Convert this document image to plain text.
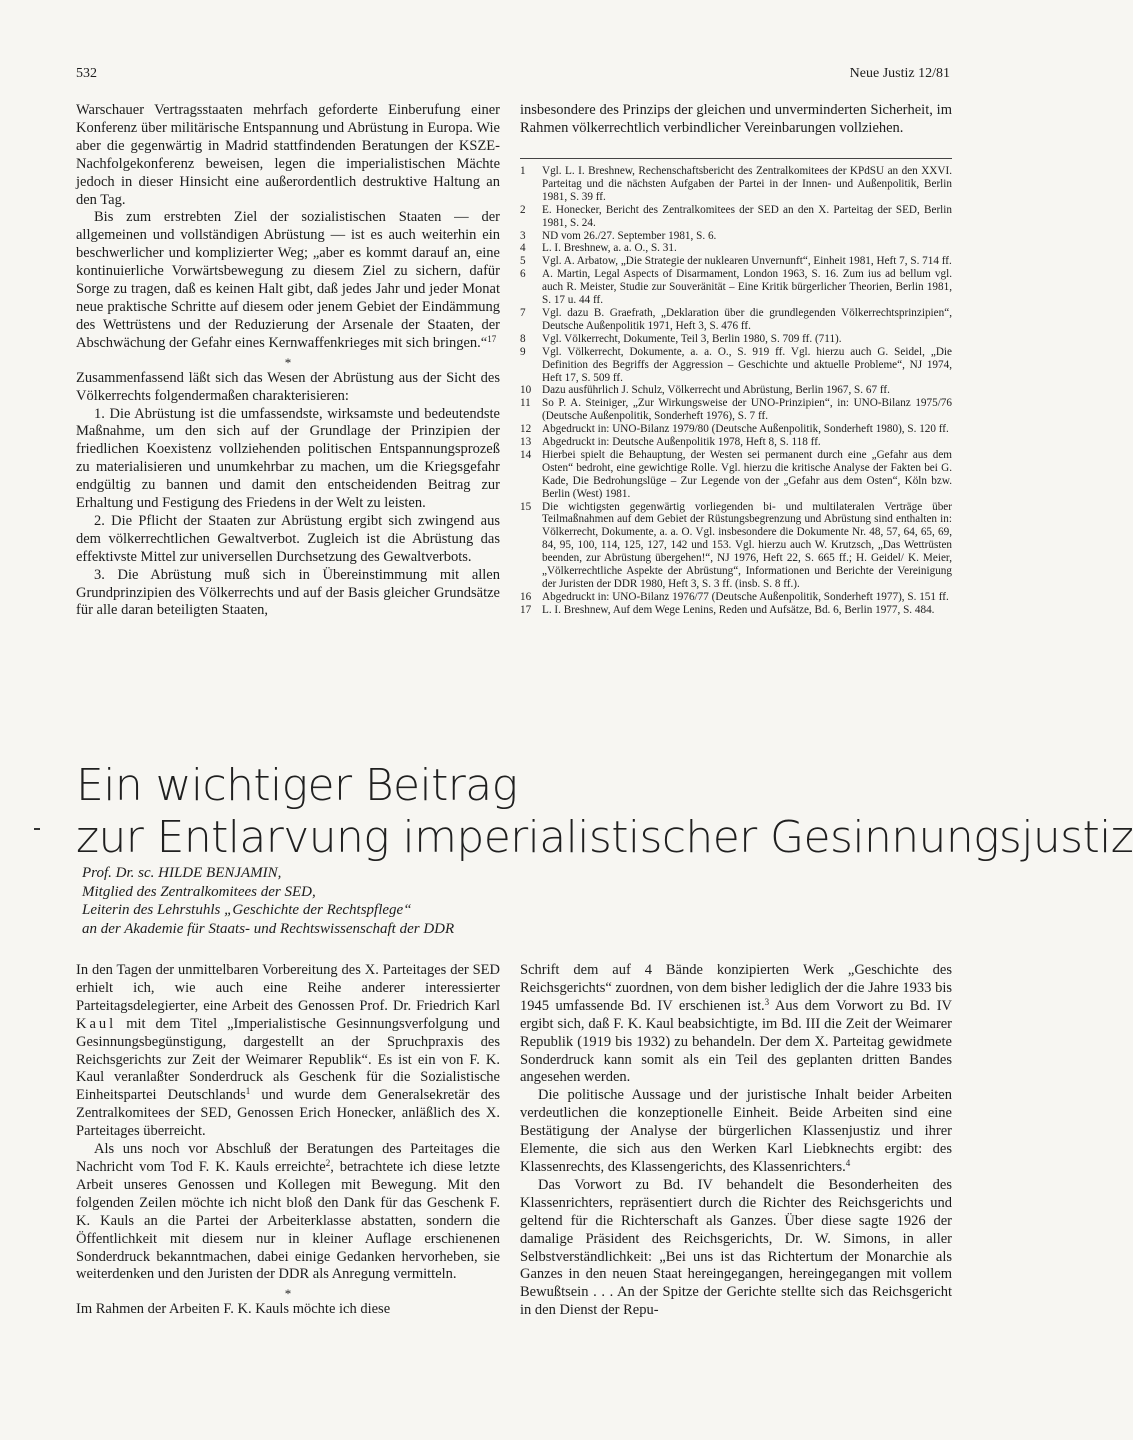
532	Neue Justiz 12/81

Warschauer Vertragsstaaten mehrfach geforderte Einberufung einer Konferenz über militärische Entspannung und Abrüstung in Europa. Wie aber die gegenwärtig in Madrid stattfindenden Beratungen der KSZE-Nachfolgekonferenz beweisen, legen die imperialistischen Mächte jedoch in dieser Hinsicht eine außerordentlich destruktive Haltung an den Tag.

Bis zum erstrebten Ziel der sozialistischen Staaten — der allgemeinen und vollständigen Abrüstung — ist es auch weiterhin ein beschwerlicher und komplizierter Weg; „aber es kommt darauf an, eine kontinuierliche Vorwärtsbewegung zu diesem Ziel zu sichern, dafür Sorge zu tragen, daß es keinen Halt gibt, daß jedes Jahr und jeder Monat neue praktische Schritte auf diesem oder jenem Gebiet der Eindämmung des Wettrüstens und der Reduzierung der Arsenale der Staaten, der Abschwächung der Gefahr eines Kernwaffenkrieges mit sich bringen.“$^{17}$

*

Zusammenfassend läßt sich das Wesen der Abrüstung aus der Sicht des Völkerrechts folgendermaßen charakterisieren:

1. Die Abrüstung ist die umfassendste, wirksamste und bedeutendste Maßnahme, um den sich auf der Grundlage der Prinzipien der friedlichen Koexistenz vollziehenden politischen Entspannungsprozeß zu materialisieren und unumkehrbar zu machen, um die Kriegsgefahr endgültig zu bannen und damit den entscheidenden Beitrag zur Erhaltung und Festigung des Friedens in der Welt zu leisten.

2. Die Pflicht der Staaten zur Abrüstung ergibt sich zwingend aus dem völkerrechtlichen Gewaltverbot. Zugleich ist die Abrüstung das effektivste Mittel zur universellen Durchsetzung des Gewaltverbots.

3. Die Abrüstung muß sich in Übereinstimmung mit allen Grundprinzipien des Völkerrechts und auf der Basis gleicher Grundsätze für alle daran beteiligten Staaten,

insbesondere des Prinzips der gleichen und unverminderten Sicherheit, im Rahmen völkerrechtlich verbindlicher Vereinbarungen vollziehen.

1 Vgl. L. I. Breshnew, Rechenschaftsbericht des Zentralkomitees der KPdSU an den XXVI. Parteitag und die nächsten Aufgaben der Partei in der Innen- und Außenpolitik, Berlin 1981, S. 39 ff.
2 E. Honecker, Bericht des Zentralkomitees der SED an den X. Parteitag der SED, Berlin 1981, S. 24.
3 ND vom 26./27. September 1981, S. 6.
4 L. I. Breshnew, a. a. O., S. 31.
5 Vgl. A. Arbatow, „Die Strategie der nuklearen Unvernunft“, Einheit 1981, Heft 7, S. 714 ff.
6 A. Martin, Legal Aspects of Disarmament, London 1963, S. 16. Zum ius ad bellum vgl. auch R. Meister, Studie zur Souveränität – Eine Kritik bürgerlicher Theorien, Berlin 1981, S. 17 u. 44 ff.
7 Vgl. dazu B. Graefrath, „Deklaration über die grundlegenden Völkerrechtsprinzipien“, Deutsche Außenpolitik 1971, Heft 3, S. 476 ff.
8 Vgl. Völkerrecht, Dokumente, Teil 3, Berlin 1980, S. 709 ff. (711).
9 Vgl. Völkerrecht, Dokumente, a. a. O., S. 919 ff. Vgl. hierzu auch G. Seidel, „Die Definition des Begriffs der Aggression – Geschichte und aktuelle Probleme“, NJ 1974, Heft 17, S. 509 ff.
10 Dazu ausführlich J. Schulz, Völkerrecht und Abrüstung, Berlin 1967, S. 67 ff.
11 So P. A. Steiniger, „Zur Wirkungsweise der UNO-Prinzipien“, in: UNO-Bilanz 1975/76 (Deutsche Außenpolitik, Sonderheft 1976), S. 7 ff.
12 Abgedruckt in: UNO-Bilanz 1979/80 (Deutsche Außenpolitik, Sonderheft 1980), S. 120 ff.
13 Abgedruckt in: Deutsche Außenpolitik 1978, Heft 8, S. 118 ff.
14 Hierbei spielt die Behauptung, der Westen sei permanent durch eine „Gefahr aus dem Osten“ bedroht, eine gewichtige Rolle. Vgl. hierzu die kritische Analyse der Fakten bei G. Kade, Die Bedrohungslüge – Zur Legende von der „Gefahr aus dem Osten“, Köln bzw. Berlin (West) 1981.
15 Die wichtigsten gegenwärtig vorliegenden bi- und multilateralen Verträge über Teilmaßnahmen auf dem Gebiet der Rüstungsbegrenzung und Abrüstung sind enthalten in: Völkerrecht, Dokumente, a. a. O. Vgl. insbesondere die Dokumente Nr. 48, 57, 64, 65, 69, 84, 95, 100, 114, 125, 127, 142 und 153. Vgl. hierzu auch W. Krutzsch, „Das Wettrüsten beenden, zur Abrüstung übergehen!“, NJ 1976, Heft 22, S. 665 ff.; H. Geidel/ K. Meier, „Völkerrechtliche Aspekte der Abrüstung“, Informationen und Berichte der Vereinigung der Juristen der DDR 1980, Heft 3, S. 3 ff. (insb. S. 8 ff.).
16 Abgedruckt in: UNO-Bilanz 1976/77 (Deutsche Außenpolitik, Sonderheft 1977), S. 151 ff.
17 L. I. Breshnew, Auf dem Wege Lenins, Reden und Aufsätze, Bd. 6, Berlin 1977, S. 484.
Ein wichtiger Beitrag
zur Entlarvung imperialistischer Gesinnungsjustiz
Prof. Dr. sc. HILDE BENJAMIN,
Mitglied des Zentralkomitees der SED,
Leiterin des Lehrstuhls „Geschichte der Rechtspflege“
an der Akademie für Staats- und Rechtswissenschaft der DDR

In den Tagen der unmittelbaren Vorbereitung des X. Parteitages der SED erhielt ich, wie auch eine Reihe anderer interessierter Parteitagsdelegierter, eine Arbeit des Genossen Prof. Dr. Friedrich Karl Kaul mit dem Titel „Imperialistische Gesinnungsverfolgung und Gesinnungsbegünstigung, dargestellt an der Spruchpraxis des Reichsgerichts zur Zeit der Weimarer Republik“. Es ist ein von F. K. Kaul veranlaßter Sonderdruck als Geschenk für die Sozialistische Einheitspartei Deutschlands$^1$ und wurde dem Generalsekretär des Zentralkomitees der SED, Genossen Erich Honecker, anläßlich des X. Parteitages überreicht.

Als uns noch vor Abschluß der Beratungen des Parteitages die Nachricht vom Tod F. K. Kauls erreichte$^2$, betrachtete ich diese letzte Arbeit unseres Genossen und Kollegen mit Bewegung. Mit den folgenden Zeilen möchte ich nicht bloß den Dank für das Geschenk F. K. Kauls an die Partei der Arbeiterklasse abstatten, sondern die Öffentlichkeit mit diesem nur in kleiner Auflage erschienenen Sonderdruck bekanntmachen, dabei einige Gedanken hervorheben, sie weiterdenken und den Juristen der DDR als Anregung vermitteln.

*

Im Rahmen der Arbeiten F. K. Kauls möchte ich diese

Schrift dem auf 4 Bände konzipierten Werk „Geschichte des Reichsgerichts“ zuordnen, von dem bisher lediglich der die Jahre 1933 bis 1945 umfassende Bd. IV erschienen ist.$^3$ Aus dem Vorwort zu Bd. IV ergibt sich, daß F. K. Kaul beabsichtigte, im Bd. III die Zeit der Weimarer Republik (1919 bis 1932) zu behandeln. Der dem X. Parteitag gewidmete Sonderdruck kann somit als ein Teil des geplanten dritten Bandes angesehen werden.

Die politische Aussage und der juristische Inhalt beider Arbeiten verdeutlichen die konzeptionelle Einheit. Beide Arbeiten sind eine Bestätigung der Analyse der bürgerlichen Klassenjustiz und ihrer Elemente, die sich aus den Werken Karl Liebknechts ergibt: des Klassenrechts, des Klassengerichts, des Klassenrichters.$^4$

Das Vorwort zu Bd. IV behandelt die Besonderheiten des Klassenrichters, repräsentiert durch die Richter des Reichsgerichts und geltend für die Richterschaft als Ganzes. Über diese sagte 1926 der damalige Präsident des Reichsgerichts, Dr. W. Simons, in aller Selbstverständlichkeit: „Bei uns ist das Richtertum der Monarchie als Ganzes in den neuen Staat hereingegangen, hereingegangen mit vollem Bewußtsein . . . An der Spitze der Gerichte stellte sich das Reichsgericht in den Dienst der Repu-
